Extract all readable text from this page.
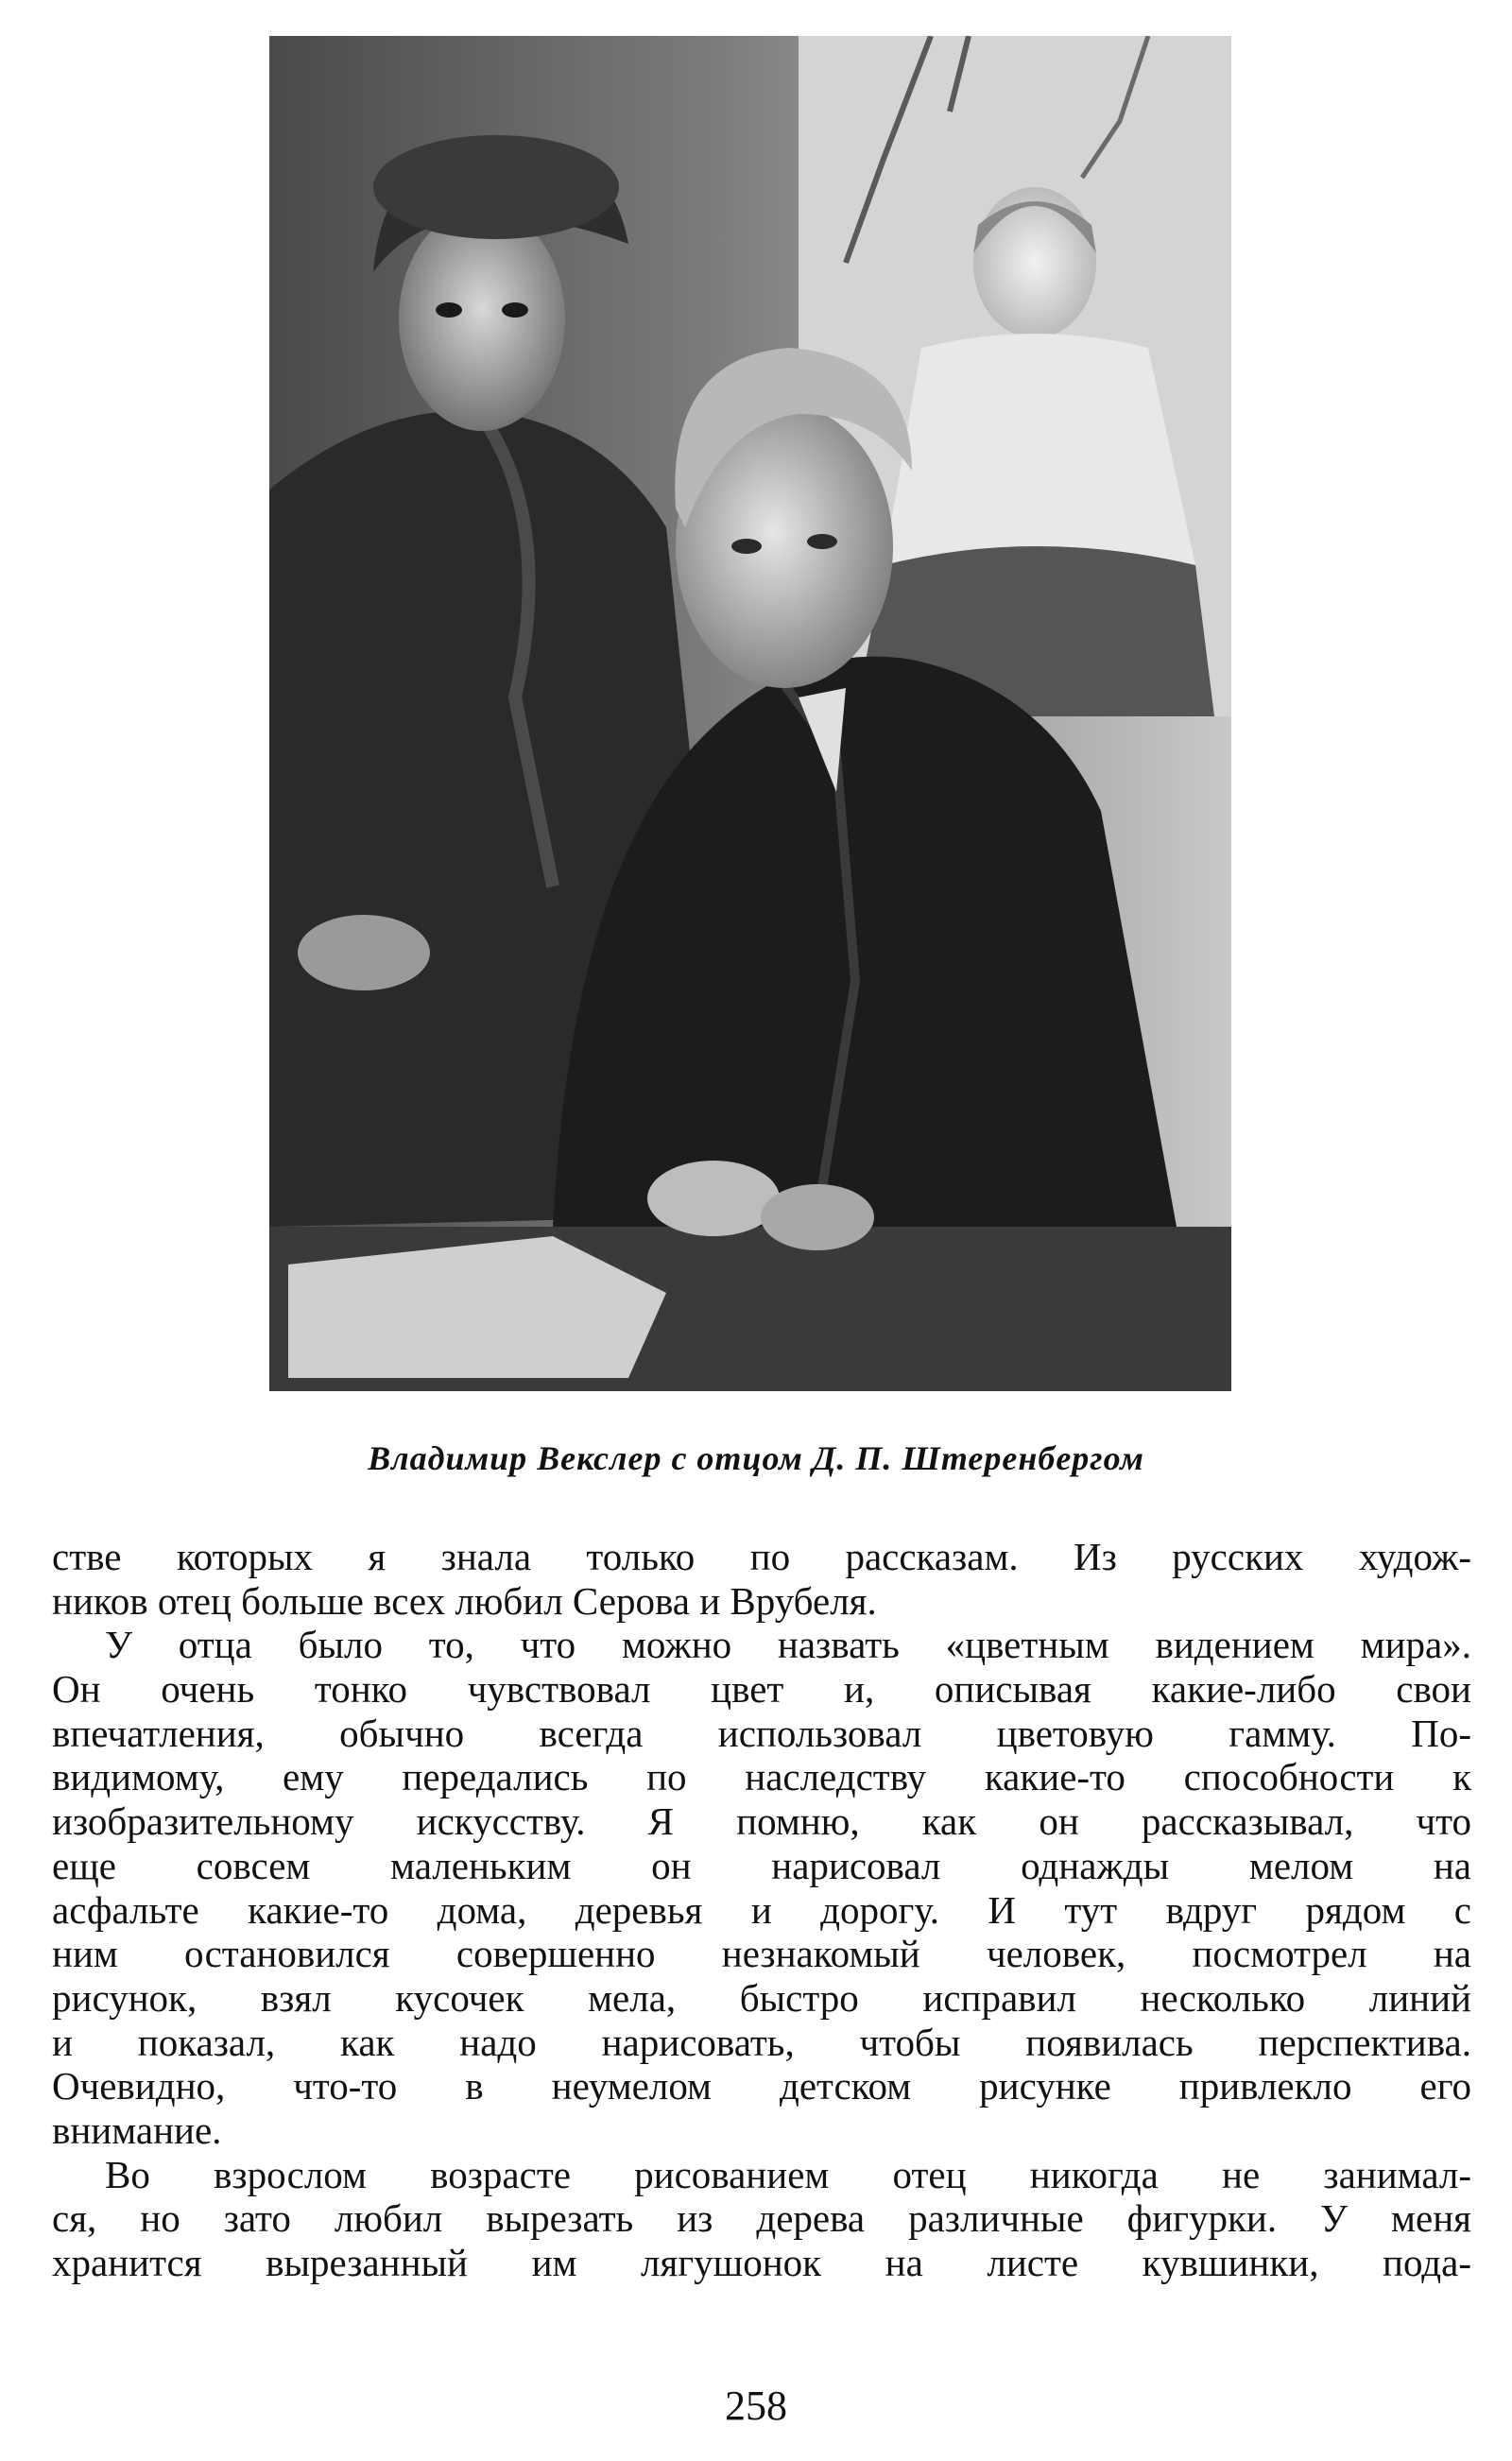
Владимир Векслер с отцом Д. П. Штеренбергом
стве которых я знала только по рассказам. Из русских худож-
ников отец больше всех любил Серова и Врубеля.
У отца было то, что можно назвать «цветным видением мира».
Он очень тонко чувствовал цвет и, описывая какие-либо свои
впечатления, обычно всегда использовал цветовую гамму. По-
видимому, ему передались по наследству какие-то способности к
изобразительному искусству. Я помню, как он рассказывал, что
еще совсем маленьким он нарисовал однажды мелом на
асфальте какие-то дома, деревья и дорогу. И тут вдруг рядом с
ним остановился совершенно незнакомый человек, посмотрел на
рисунок, взял кусочек мела, быстро исправил несколько линий
и показал, как надо нарисовать, чтобы появилась перспектива.
Очевидно, что-то в неумелом детском рисунке привлекло его
внимание.
Во взрослом возрасте рисованием отец никогда не занимал-
ся, но зато любил вырезать из дерева различные фигурки. У меня
хранится вырезанный им лягушонок на листе кувшинки, пода-
258
